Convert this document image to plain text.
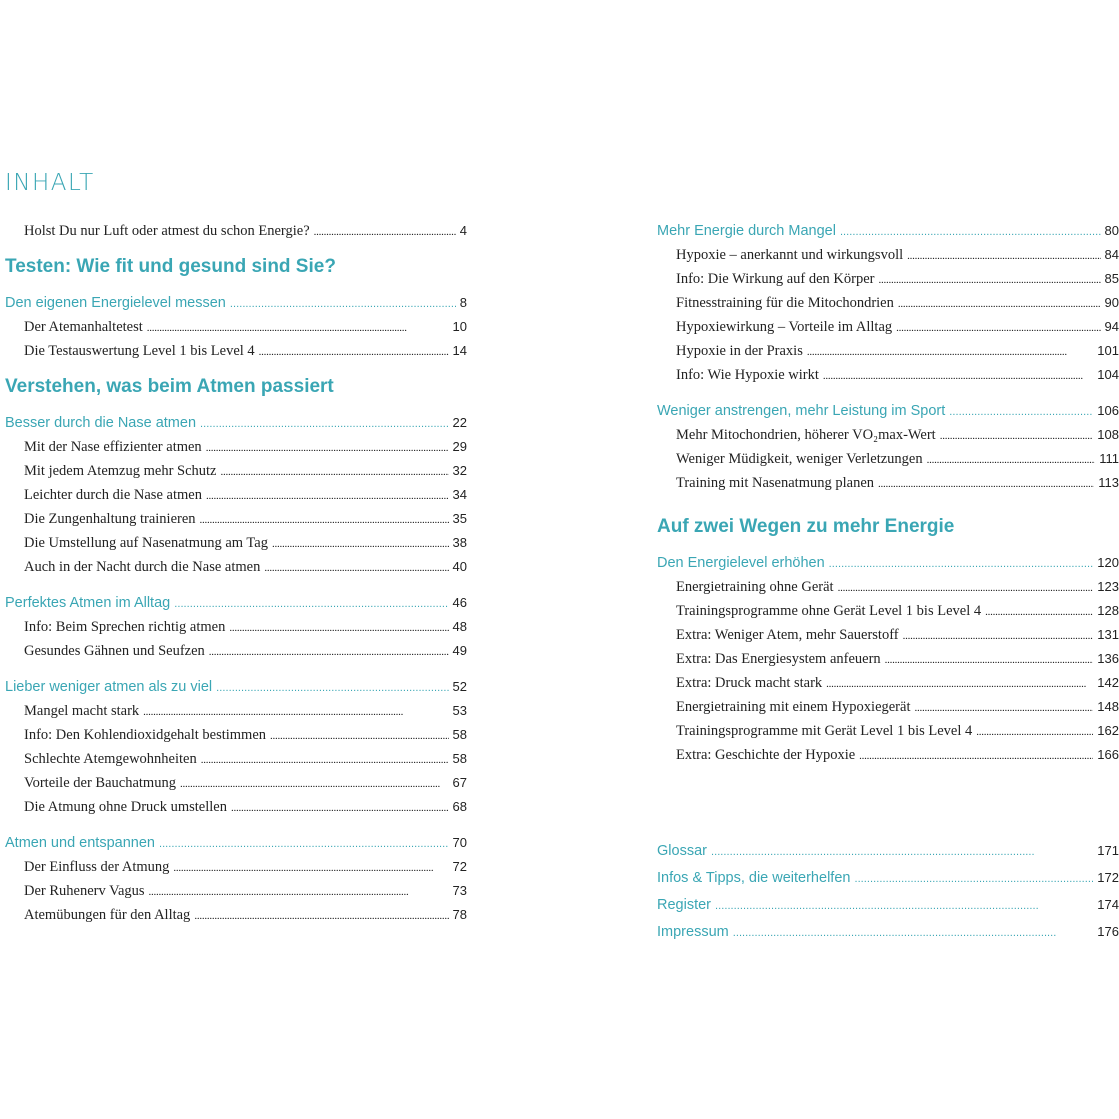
INHALT
Holst Du nur Luft oder atmest du schon Energie? . . .	4
Testen: Wie fit und gesund sind Sie?
Den eigenen Energielevel messen . . .	8
Der Atemanhaltetest . . .	10
Die Testauswertung Level 1 bis Level 4 . . .	14
Verstehen, was beim Atmen passiert
Besser durch die Nase atmen . . .	22
Mit der Nase effizienter atmen . . .	29
Mit jedem Atemzug mehr Schutz . . .	32
Leichter durch die Nase atmen . . .	34
Die Zungenhaltung trainieren . . .	35
Die Umstellung auf Nasenatmung am Tag . . .	38
Auch in der Nacht durch die Nase atmen . . .	40
Perfektes Atmen im Alltag . . .	46
Info: Beim Sprechen richtig atmen . . .	48
Gesundes Gähnen und Seufzen . . .	49
Lieber weniger atmen als zu viel . . .	52
Mangel macht stark . . .	53
Info: Den Kohlendioxidgehalt bestimmen . . .	58
Schlechte Atemgewohnheiten . . .	58
Vorteile der Bauchatmung . . .	67
Die Atmung ohne Druck umstellen . . .	68
Atmen und entspannen . . .	70
Der Einfluss der Atmung . . .	72
Der Ruhenerv Vagus . . .	73
Atemübungen für den Alltag . . .	78
Mehr Energie durch Mangel . . .	80
Hypoxie – anerkannt und wirkungsvoll . . .	84
Info: Die Wirkung auf den Körper . . .	85
Fitnesstraining für die Mitochondrien . . .	90
Hypoxiewirkung – Vorteile im Alltag . . .	94
Hypoxie in der Praxis . . .	101
Info: Wie Hypoxie wirkt . . .	104
Weniger anstrengen, mehr Leistung im Sport . . .	106
Mehr Mitochondrien, höherer VO₂max-Wert . . .	108
Weniger Müdigkeit, weniger Verletzungen . . .	111
Training mit Nasenatmung planen . . .	113
Auf zwei Wegen zu mehr Energie
Den Energielevel erhöhen . . .	120
Energietraining ohne Gerät . . .	123
Trainingsprogramme ohne Gerät Level 1 bis Level 4 . . .	128
Extra: Weniger Atem, mehr Sauerstoff . . .	131
Extra: Das Energiesystem anfeuern . . .	136
Extra: Druck macht stark . . .	142
Energietraining mit einem Hypoxiegerät . . .	148
Trainingsprogramme mit Gerät Level 1 bis Level 4 . . .	162
Extra: Geschichte der Hypoxie . . .	166
Glossar . . .	171
Infos & Tipps, die weiterhelfen . . .	172
Register . . .	174
Impressum . . .	176
